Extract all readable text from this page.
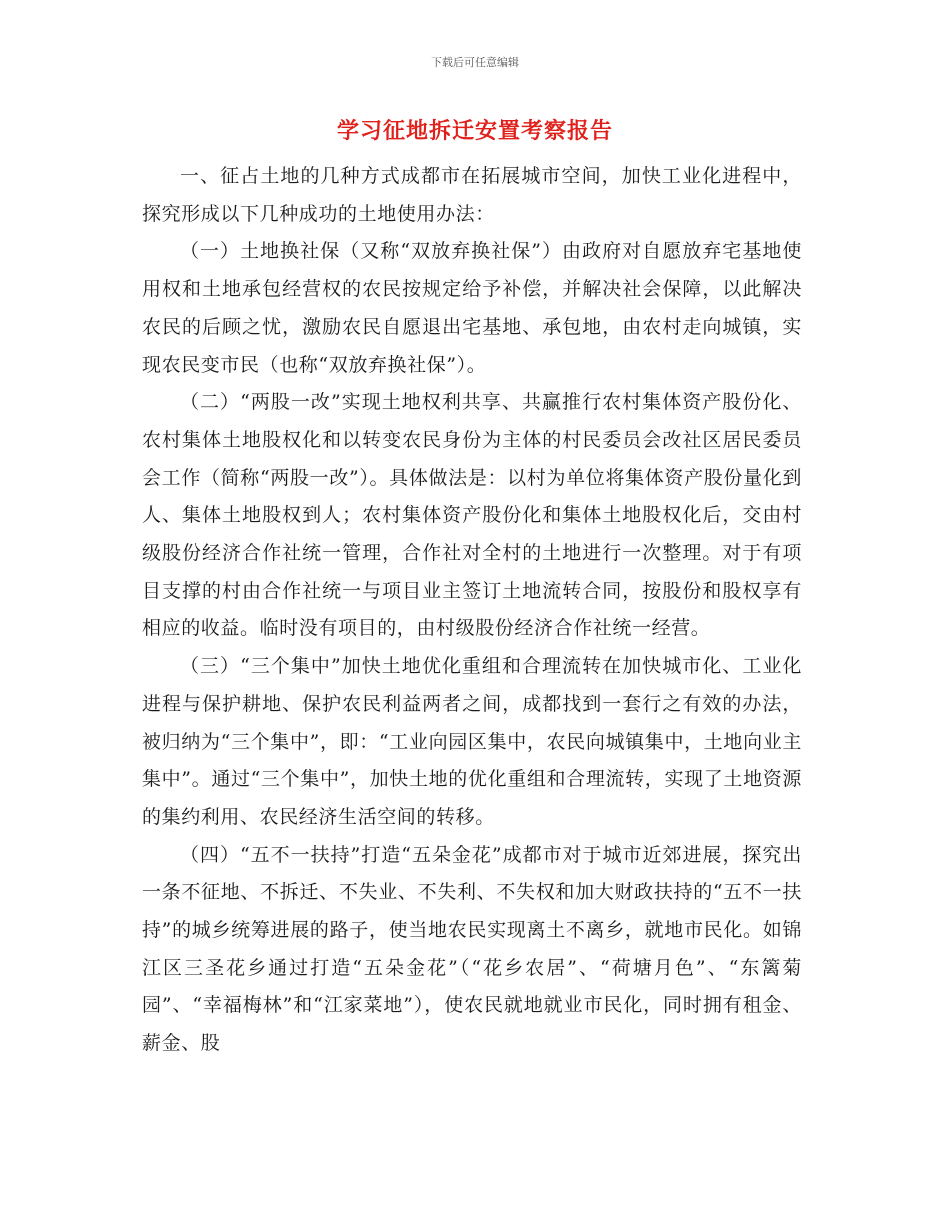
下载后可任意编辑
学习征地拆迁安置考察报告

一、征占土地的几种方式成都市在拓展城市空间，加快工业化进程中，探究形成以下几种成功的土地使用办法：

（一）土地换社保（又称“双放弃换社保”）由政府对自愿放弃宅基地使用权和土地承包经营权的农民按规定给予补偿，并解决社会保障，以此解决农民的后顾之忧，激励农民自愿退出宅基地、承包地，由农村走向城镇，实现农民变市民（也称“双放弃换社保”）。

（二）“两股一改”实现土地权利共享、共赢推行农村集体资产股份化、农村集体土地股权化和以转变农民身份为主体的村民委员会改社区居民委员会工作（简称“两股一改”）。具体做法是：以村为单位将集体资产股份量化到人、集体土地股权到人；农村集体资产股份化和集体土地股权化后，交由村级股份经济合作社统一管理，合作社对全村的土地进行一次整理。对于有项目支撑的村由合作社统一与项目业主签订土地流转合同，按股份和股权享有相应的收益。临时没有项目的，由村级股份经济合作社统一经营。

（三）“三个集中”加快土地优化重组和合理流转在加快城市化、工业化进程与保护耕地、保护农民利益两者之间，成都找到一套行之有效的办法，被归纳为“三个集中”，即：“工业向园区集中，农民向城镇集中，土地向业主集中”。通过“三个集中”，加快土地的优化重组和合理流转，实现了土地资源的集约利用、农民经济生活空间的转移。

（四）“五不一扶持”打造“五朵金花”成都市对于城市近郊进展，探究出一条不征地、不拆迁、不失业、不失利、不失权和加大财政扶持的“五不一扶持”的城乡统筹进展的路子，使当地农民实现离土不离乡，就地市民化。如锦江区三圣花乡通过打造“五朵金花”（“花乡农居”、“荷塘月色”、“东篱菊园”、“幸福梅林”和“江家菜地”），使农民就地就业市民化，同时拥有租金、薪金、股
